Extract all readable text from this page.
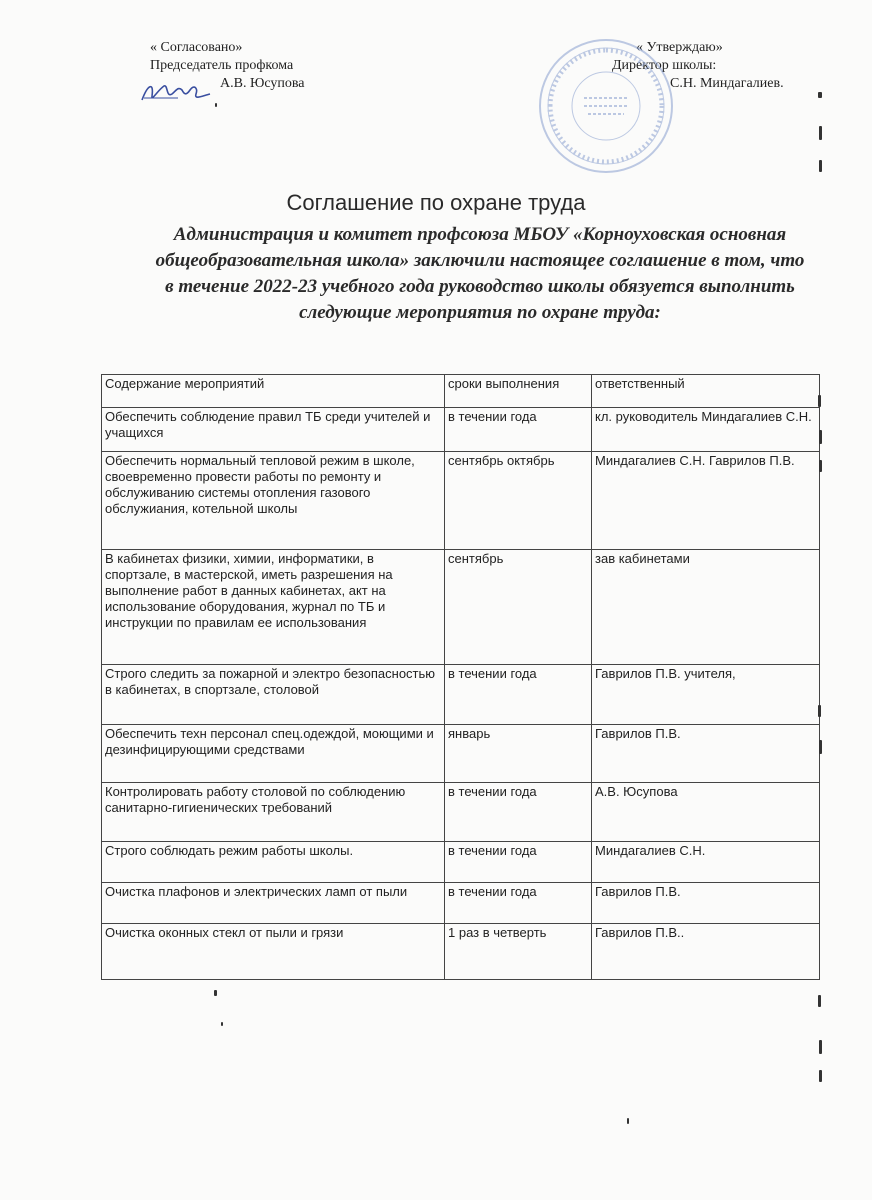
« Согласовано»
Председатель профкома
А.В. Юсупова
« Утверждаю»
Директор школы:
С.Н. Миндагалиев.
Соглашение по охране труда

Администрация и комитет профсоюза МБОУ «Корноуховская основная общеобразовательная школа» заключили настоящее соглашение в том, что в течение 2022-23 учебного года руководство школы обязуется выполнить следующие мероприятия по охране труда:

Содержание мероприятий	сроки выполнения	ответственный
Обеспечить соблюдение правил ТБ среди учителей и учащихся	в течении года	кл. руководитель Миндагалиев С.Н.
Обеспечить нормальный тепловой режим в школе, своевременно провести работы по ремонту и обслуживанию системы отопления газового обслужиания, котельной школы	сентябрь октябрь	Миндагалиев С.Н. Гаврилов П.В.
В кабинетах физики, химии, информатики, в спортзале, в мастерской, иметь разрешения на выполнение работ в данных кабинетах, акт на использование оборудования, журнал по ТБ и инструкции по правилам ее использования	сентябрь	зав кабинетами
Строго следить за пожарной и электро безопасностью в кабинетах, в спортзале, столовой	в течении года	Гаврилов П.В. учителя,
Обеспечить техн персонал спец.одеждой, моющими и дезинфицирующими средствами	январь	Гаврилов П.В.
Контролировать работу столовой по соблюдению санитарно-гигиенических требований	в течении года	А.В. Юсупова
Строго соблюдать режим работы школы.	в течении года	Миндагалиев С.Н.
Очистка плафонов и электрических ламп от пыли	в течении года	Гаврилов П.В.
Очистка оконных стекл от пыли и грязи	1 раз в четверть	Гаврилов П.В..
